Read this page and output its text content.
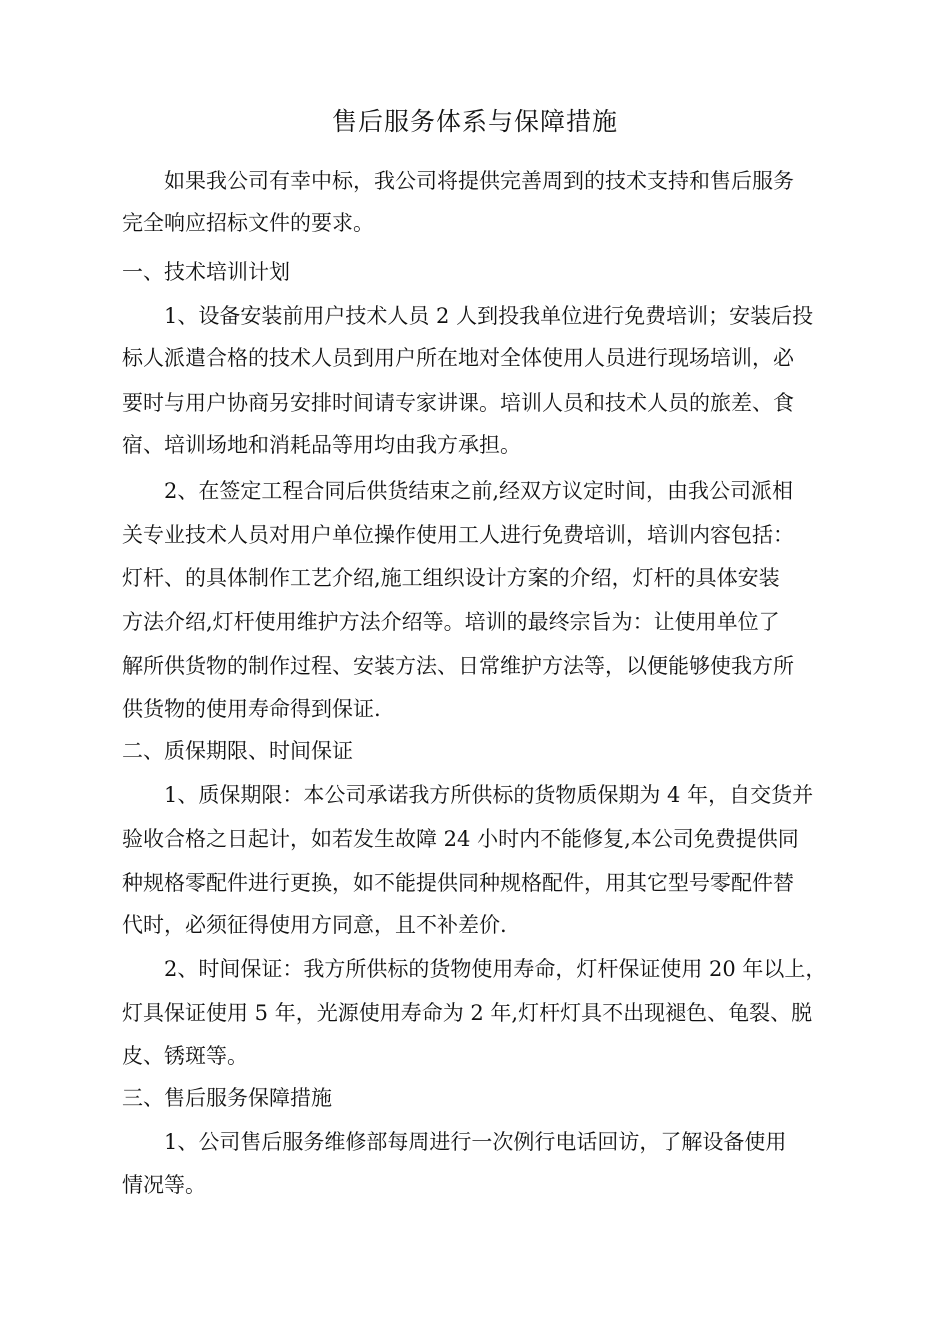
售后服务体系与保障措施
如果我公司有幸中标，我公司将提供完善周到的技术支持和售后服务
完全响应招标文件的要求。
一、技术培训计划
1、设备安装前用户技术人员 2 人到投我单位进行免费培训；安装后投
标人派遣合格的技术人员到用户所在地对全体使用人员进行现场培训，必
要时与用户协商另安排时间请专家讲课。培训人员和技术人员的旅差、食
宿、培训场地和消耗品等用均由我方承担。
2、在签定工程合同后供货结束之前,经双方议定时间，由我公司派相
关专业技术人员对用户单位操作使用工人进行免费培训，培训内容包括：
灯杆、的具体制作工艺介绍,施工组织设计方案的介绍，灯杆的具体安装
方法介绍,灯杆使用维护方法介绍等。培训的最终宗旨为：让使用单位了
解所供货物的制作过程、安装方法、日常维护方法等，以便能够使我方所
供货物的使用寿命得到保证.
二、质保期限、时间保证
1、质保期限：本公司承诺我方所供标的货物质保期为 4 年，自交货并
验收合格之日起计，如若发生故障 24 小时内不能修复,本公司免费提供同
种规格零配件进行更换，如不能提供同种规格配件，用其它型号零配件替
代时，必须征得使用方同意，且不补差价.
2、时间保证：我方所供标的货物使用寿命，灯杆保证使用 20 年以上，
灯具保证使用 5 年，光源使用寿命为 2 年,灯杆灯具不出现褪色、龟裂、脱
皮、锈斑等。
三、售后服务保障措施
1、公司售后服务维修部每周进行一次例行电话回访，了解设备使用
情况等。
